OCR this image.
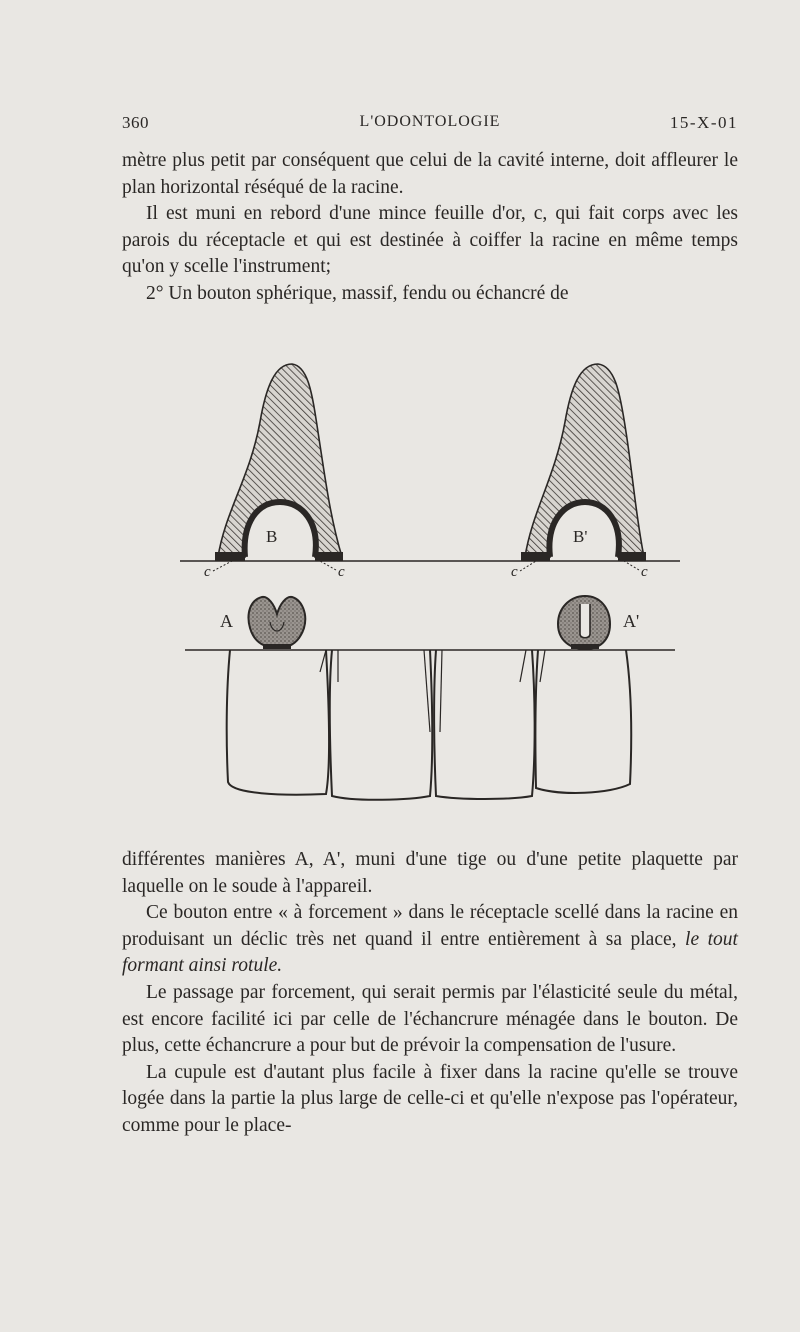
360	L'ODONTOLOGIE	15-X-01

mètre plus petit par conséquent que celui de la cavité interne, doit affleurer le plan horizontal réséqué de la racine.

Il est muni en rebord d'une mince feuille d'or, c, qui fait corps avec les parois du réceptacle et qui est destinée à coiffer la racine en même temps qu'on y scelle l'instrument;

2° Un bouton sphérique, massif, fendu ou échancré de

B	B'
c	c	c	c
A	A'

différentes manières A, A', muni d'une tige ou d'une petite plaquette par laquelle on le soude à l'appareil.

Ce bouton entre « à forcement » dans le réceptacle scellé dans la racine en produisant un déclic très net quand il entre entièrement à sa place, le tout formant ainsi rotule.

Le passage par forcement, qui serait permis par l'élasticité seule du métal, est encore facilité ici par celle de l'échancrure ménagée dans le bouton. De plus, cette échancrure a pour but de prévoir la compensation de l'usure.

La cupule est d'autant plus facile à fixer dans la racine qu'elle se trouve logée dans la partie la plus large de celle-ci et qu'elle n'expose pas l'opérateur, comme pour le place-
